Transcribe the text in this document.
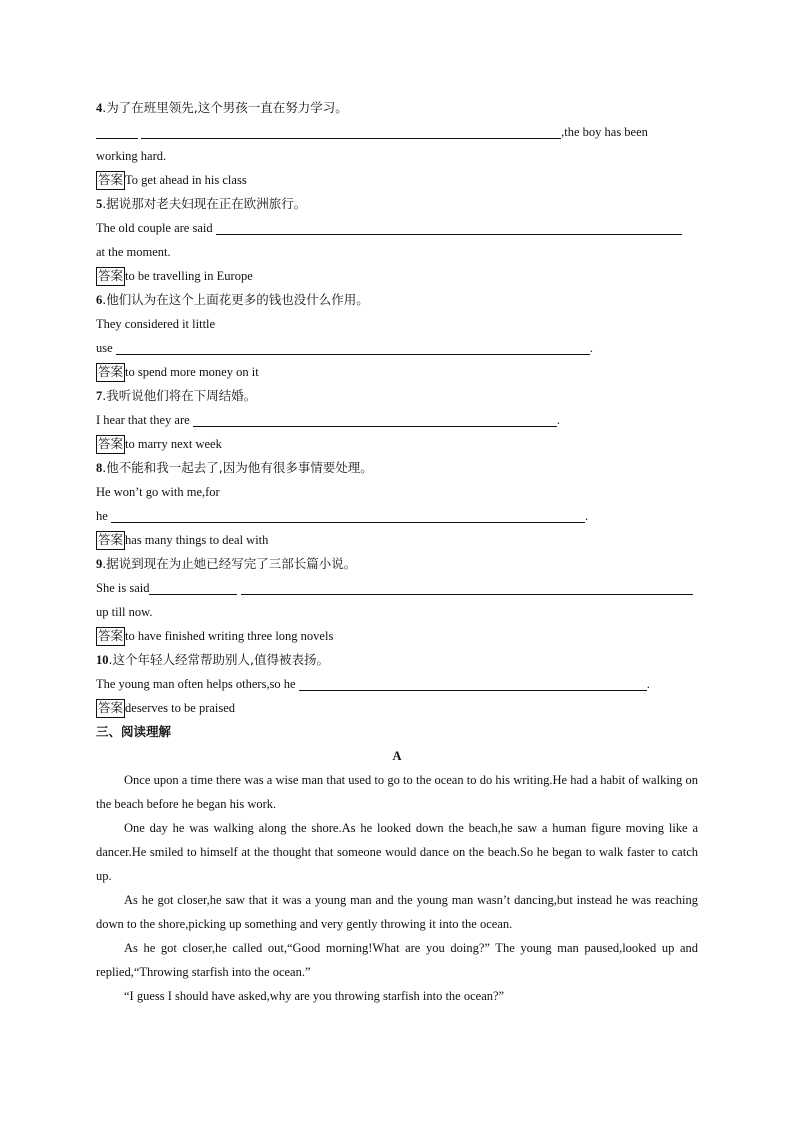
4.为了在班里领先,这个男孩一直在努力学习。
,the boy has been
working hard.
答案 To get ahead in his class
5.据说那对老夫妇现在正在欧洲旅行。
The old couple are said
at the moment.
答案 to be travelling in Europe
6.他们认为在这个上面花更多的钱也没什么作用。
They considered it little
use	.
答案 to spend more money on it
7.我听说他们将在下周结婚。
I hear that they are	.
答案 to marry next week
8.他不能和我一起去了,因为他有很多事情要处理。
He won’t go with me,for
he	.
答案 has many things to deal with
9.据说到现在为止她已经写完了三部长篇小说。
She is said
up till now.
答案 to have finished writing three long novels
10.这个年轻人经常帮助别人,值得被表扬。
The young man often helps others,so he	.
答案 deserves to be praised
三、阅读理解
A
Once upon a time there was a wise man that used to go to the ocean to do his writing.He had a habit of walking on the beach before he began his work.
One day he was walking along the shore.As he looked down the beach,he saw a human figure moving like a dancer.He smiled to himself at the thought that someone would dance on the beach.So he began to walk faster to catch up.
As he got closer,he saw that it was a young man and the young man wasn’t dancing,but instead he was reaching down to the shore,picking up something and very gently throwing it into the ocean.
As he got closer,he called out,“Good morning!What are you doing?” The young man paused,looked up and replied,“Throwing starfish into the ocean.”
“I guess I should have asked,why are you throwing starfish into the ocean?”
